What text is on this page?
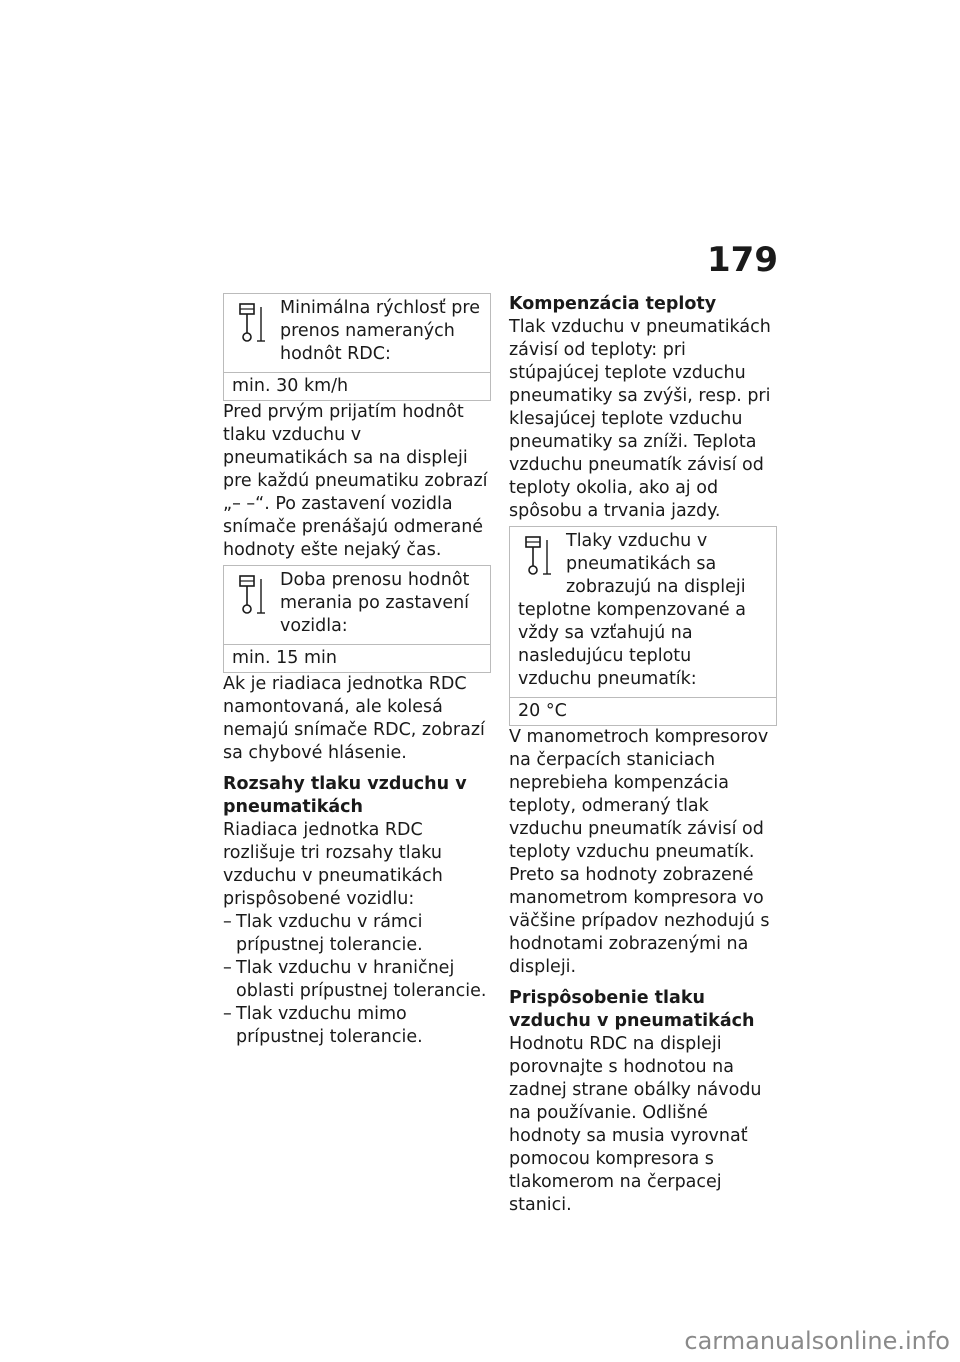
179
Minimálna rýchlosť pre prenos nameraných hodnôt RDC:
min. 30 km/h

Pred prvým prijatím hodnôt tlaku vzduchu v pneumatikách sa na displeji pre každú pneumatiku zobrazí „– –“. Po zastavení vozidla snímače prenášajú odmerané hodnoty ešte nejaký čas.

Doba prenosu hodnôt merania po zastavení vozidla:
min. 15 min

Ak je riadiaca jednotka RDC namontovaná, ale kolesá nemajú snímače RDC, zobrazí sa chybové hlásenie.

Rozsahy tlaku vzduchu v pneumatikách

Riadiaca jednotka RDC rozlišuje tri rozsahy tlaku vzduchu v pneumatikách prispôsobené vozidlu:

– Tlak vzduchu v rámci prípustnej tolerancie.
– Tlak vzduchu v hraničnej oblasti prípustnej tolerancie.
– Tlak vzduchu mimo prípustnej tolerancie.
Kompenzácia teploty

Tlak vzduchu v pneumatikách závisí od teploty: pri stúpajúcej teplote vzduchu pneumatiky sa zvýši, resp. pri klesajúcej teplote vzduchu pneumatiky sa zníži. Teplota vzduchu pneumatík závisí od teploty okolia, ako aj od spôsobu a trvania jazdy.

Tlaky vzduchu v pneumatikách sa zobrazujú na displeji teplotne kompenzované a vždy sa vzťahujú na nasledujúcu teplotu vzduchu pneumatík:
20 °C

V manometroch kompresorov na čerpacích staniciach neprebieha kompenzácia teploty, odmeraný tlak vzduchu pneumatík závisí od teploty vzduchu pneumatík. Preto sa hodnoty zobrazené manometrom kompresora vo väčšine prípadov nezhodujú s hodnotami zobrazenými na displeji.

Prispôsobenie tlaku vzduchu v pneumatikách

Hodnotu RDC na displeji porovnajte s hodnotou na zadnej strane obálky návodu na používanie. Odlišné hodnoty sa musia vyrovnať pomocou kompresora s tlakomerom na čerpacej stanici.

carmanualsonline.info
